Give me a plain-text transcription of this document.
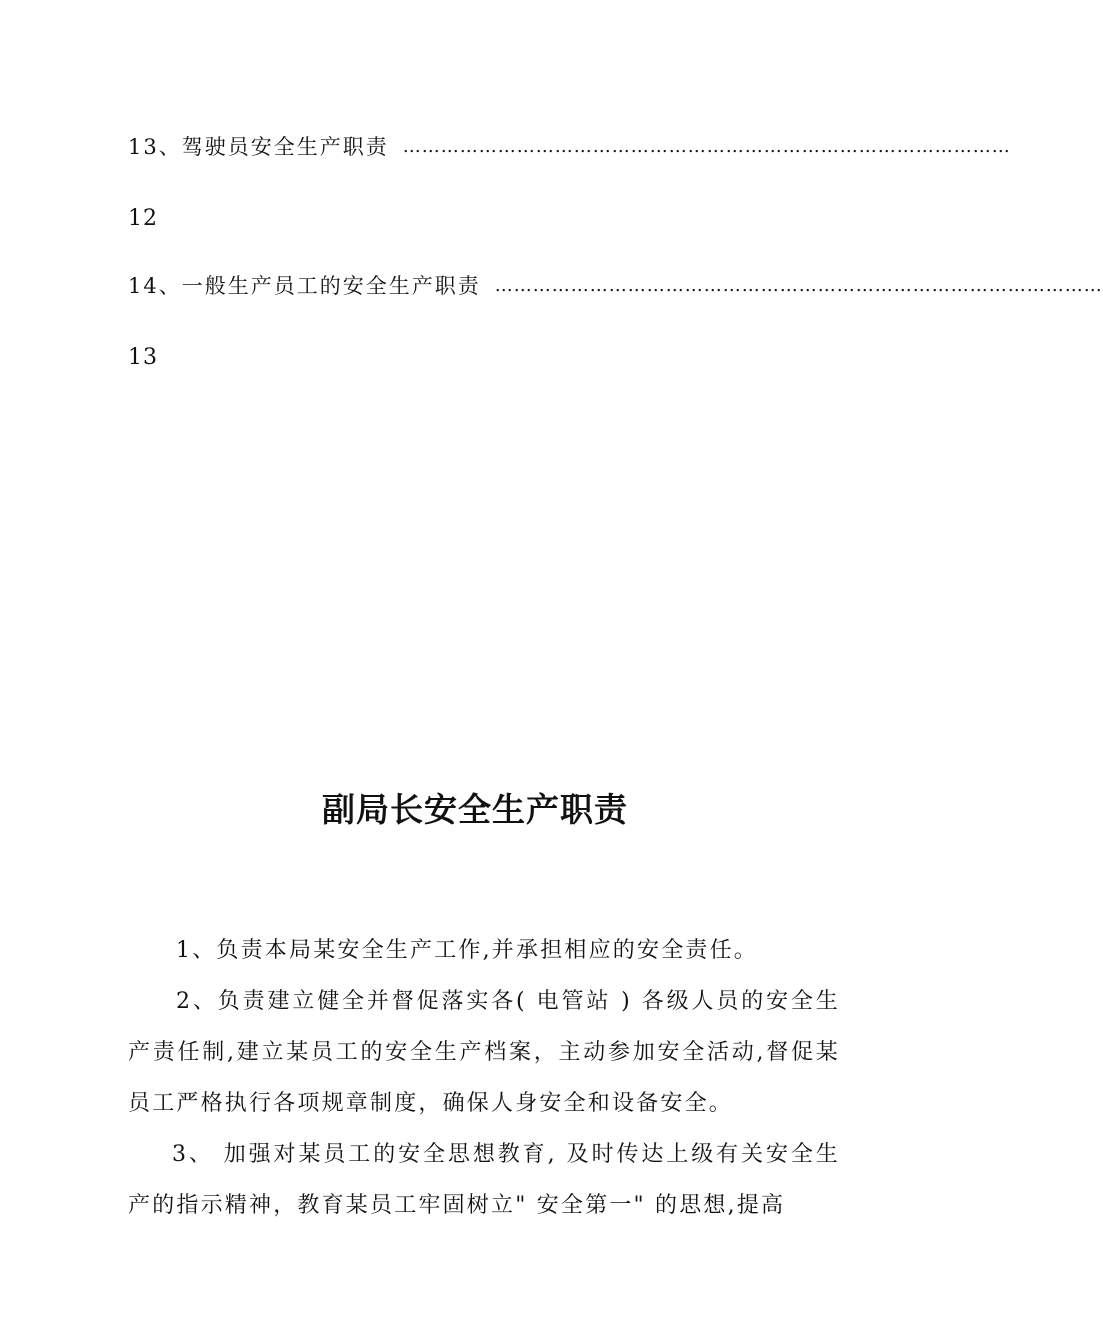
13、驾驶员安全生产职责 ……………………………………………………………………………………
12
14、一般生产员工的安全生产职责 ……………………………………………………………………………………
13
副局长安全生产职责

1、负责本局某安全生产工作,并承担相应的安全责任。

2、负责建立健全并督促落实各( 电管站 ) 各级人员的安全生产责任制,建立某员工的安全生产档案，主动参加安全活动,督促某员工严格执行各项规章制度，确保人身安全和设备安全。

3、 加强对某员工的安全思想教育, 及时传达上级有关安全生产的指示精神，教育某员工牢固树立" 安全第一" 的思想,提高
